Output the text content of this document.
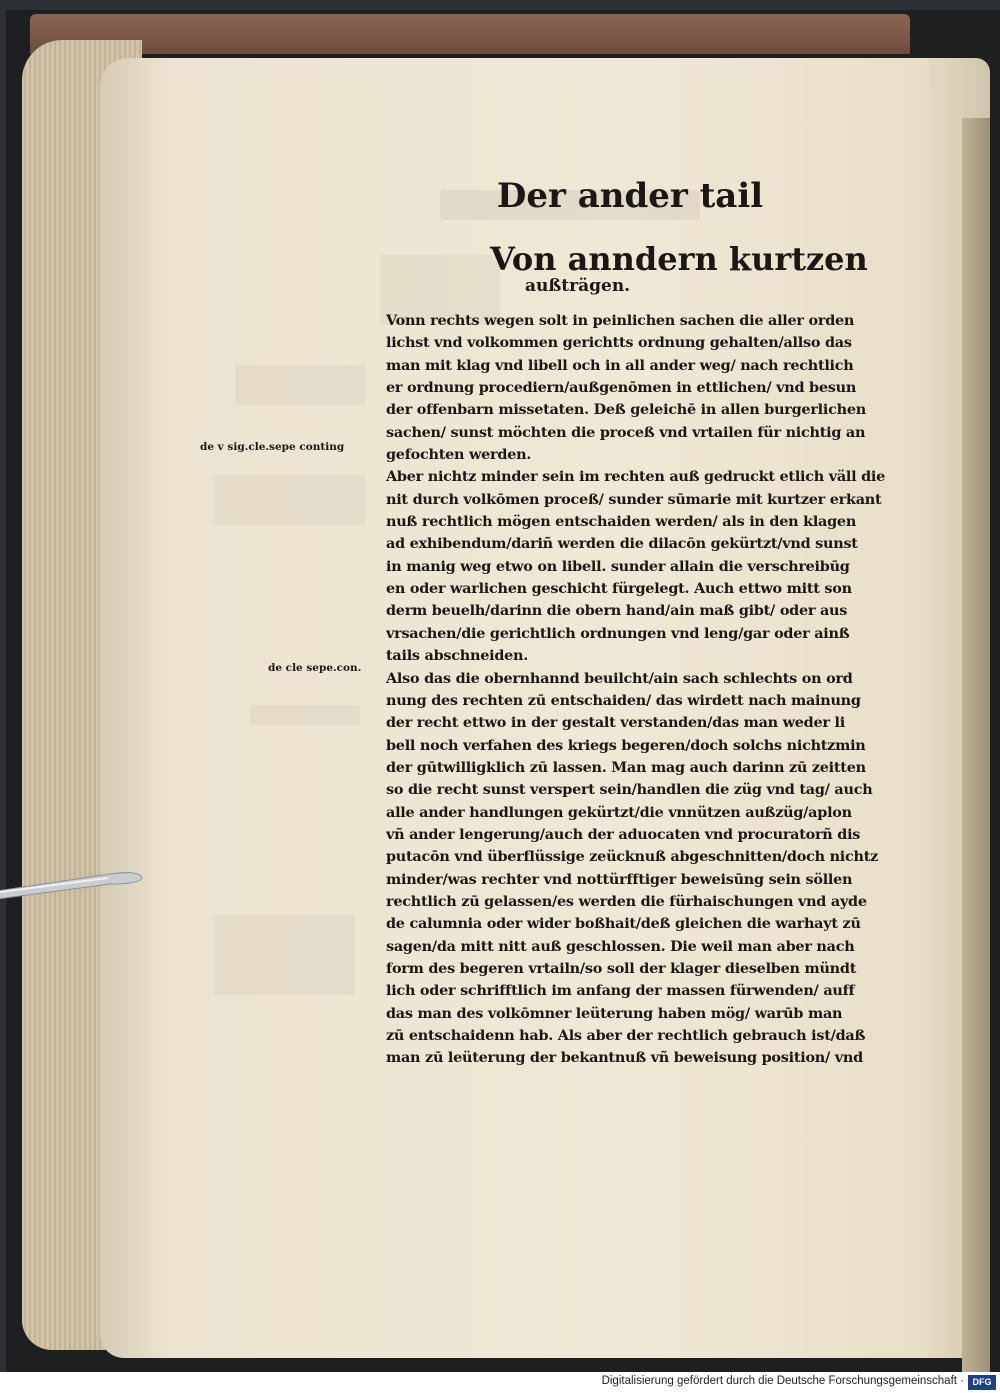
Der ander tail
Von anndern kurtzen
außträgen.
de v sig.cle.sepe conting
de cle sepe.con.
Vonn rechts wegen solt in peinlichen sachen die aller orden
lichst vnd volkommen gerichtts ordnung gehalten/allso das
man mit klag vnd libell och in all ander weg/ nach rechtlich
er ordnung procediern/außgenōmen in ettlichen/ vnd besun
der offenbarn missetaten. Deß geleichē in allen burgerlichen
sachen/ sunst möchten die proceß vnd vrtailen für nichtig an
gefochten werden.
Aber nichtz minder sein im rechten auß gedruckt etlich väll die
nit durch volkōmen proceß/ sunder sūmarie mit kurtzer erkant
nuß rechtlich mögen entschaiden werden/ als in den klagen
ad exhibendum/dariñ werden die dilacōn gekürtzt/vnd sunst
in manig weg etwo on libell. sunder allain die verschreibūg
en oder warlichen geschicht fürgelegt. Auch ettwo mitt son
derm beuelh/darinn die obern hand/ain maß gibt/ oder aus
vrsachen/die gerichtlich ordnungen vnd leng/gar oder ainß
tails abschneiden.
Also das die obernhannd beuilcht/ain sach schlechts on ord
nung des rechten zū entschaiden/ das wirdett nach mainung
der recht ettwo in der gestalt verstanden/das man weder li
bell noch verfahen des kriegs begeren/doch solchs nichtzmin
der gūtwilligklich zū lassen. Man mag auch darinn zū zeitten
so die recht sunst verspert sein/handlen die züg vnd tag/ auch
alle ander handlungen gekürtzt/die vnnützen außzüg/aplon
vñ ander lengerung/auch der aduocaten vnd procuratorñ dis
putacōn vnd überflüssige zeücknuß abgeschnitten/doch nichtz
minder/was rechter vnd nottürfftiger beweisūng sein söllen
rechtlich zū gelassen/es werden die fürhaischungen vnd ayde
de calumnia oder wider boßhait/deß gleichen die warhayt zū
sagen/da mitt nitt auß geschlossen. Die weil man aber nach
form des begeren vrtailn/so soll der klager dieselben mündt
lich oder schrifftlich im anfang der massen fürwenden/ auff
das man des volkōmner leüterung haben mög/ warūb man
zū entschaidenn hab. Als aber der rechtlich gebrauch ist/daß
man zū leüterung der bekantnuß vñ beweisung position/ vnd
Digitalisierung gefördert durch die Deutsche Forschungsgemeinschaft · DFG
